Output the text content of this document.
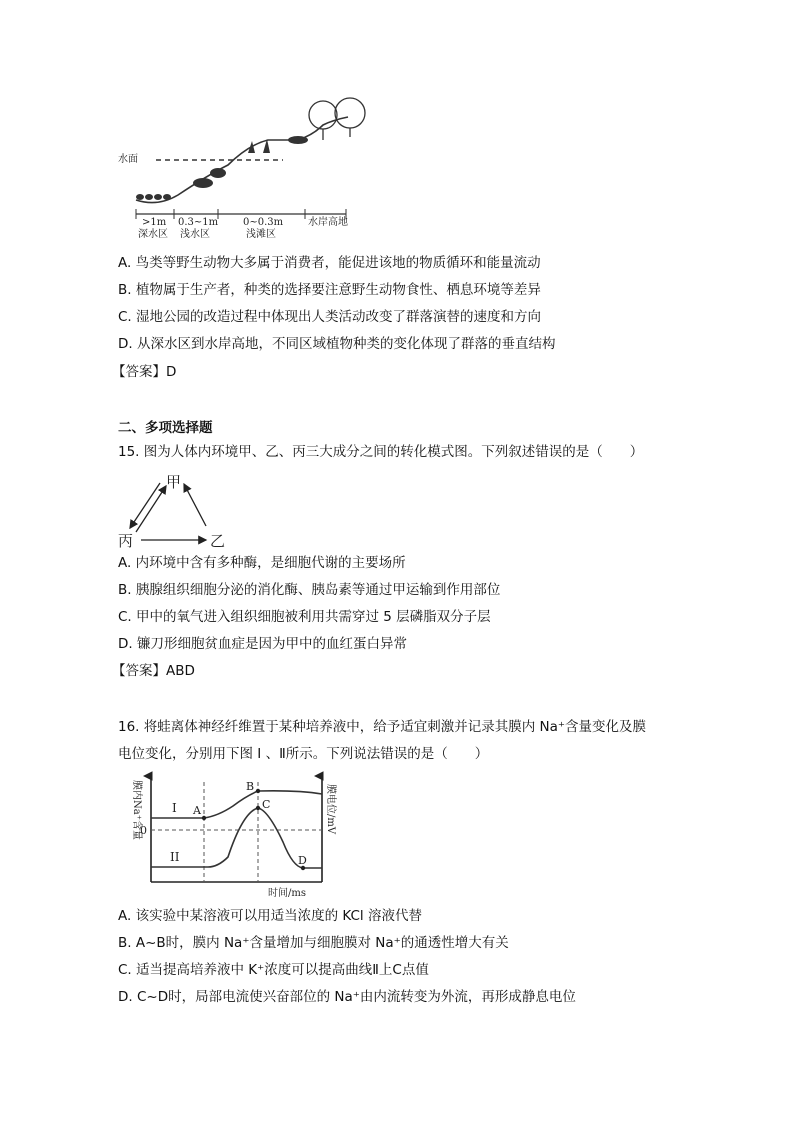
水面
>1m
深水区
0.3~1m
浅水区
0~0.3m
浅滩区
水岸高地
A. 鸟类等野生动物大多属于消费者，能促进该地的物质循环和能量流动
B. 植物属于生产者，种类的选择要注意野生动物食性、栖息环境等差异
C. 湿地公园的改造过程中体现出人类活动改变了群落演替的速度和方向
D. 从深水区到水岸高地，不同区域植物种类的变化体现了群落的垂直结构
【答案】D
二、多项选择题
15. 图为人体内环境甲、乙、丙三大成分之间的转化模式图。下列叙述错误的是（　　）
甲
丙	乙
A. 内环境中含有多种酶，是细胞代谢的主要场所
B. 胰腺组织细胞分泌的消化酶、胰岛素等通过甲运输到作用部位
C. 甲中的氧气进入组织细胞被利用共需穿过 5 层磷脂双分子层
D. 镰刀形细胞贫血症是因为甲中的血红蛋白异常
【答案】ABD
16. 将蛙离体神经纤维置于某种培养液中，给予适宜刺激并记录其膜内 Na⁺含量变化及膜
电位变化，分别用下图 Ⅰ 、Ⅱ所示。下列说法错误的是（　　）
I
II
A
B
C
D
0
时间/ms
膜内Na⁺含量	膜电位/mV
A. 该实验中某溶液可以用适当浓度的 KCl 溶液代替
B. A~B时，膜内 Na⁺含量增加与细胞膜对 Na⁺的通透性增大有关
C. 适当提高培养液中 K⁺浓度可以提高曲线Ⅱ上C点值
D. C~D时，局部电流使兴奋部位的 Na⁺由内流转变为外流，再形成静息电位
